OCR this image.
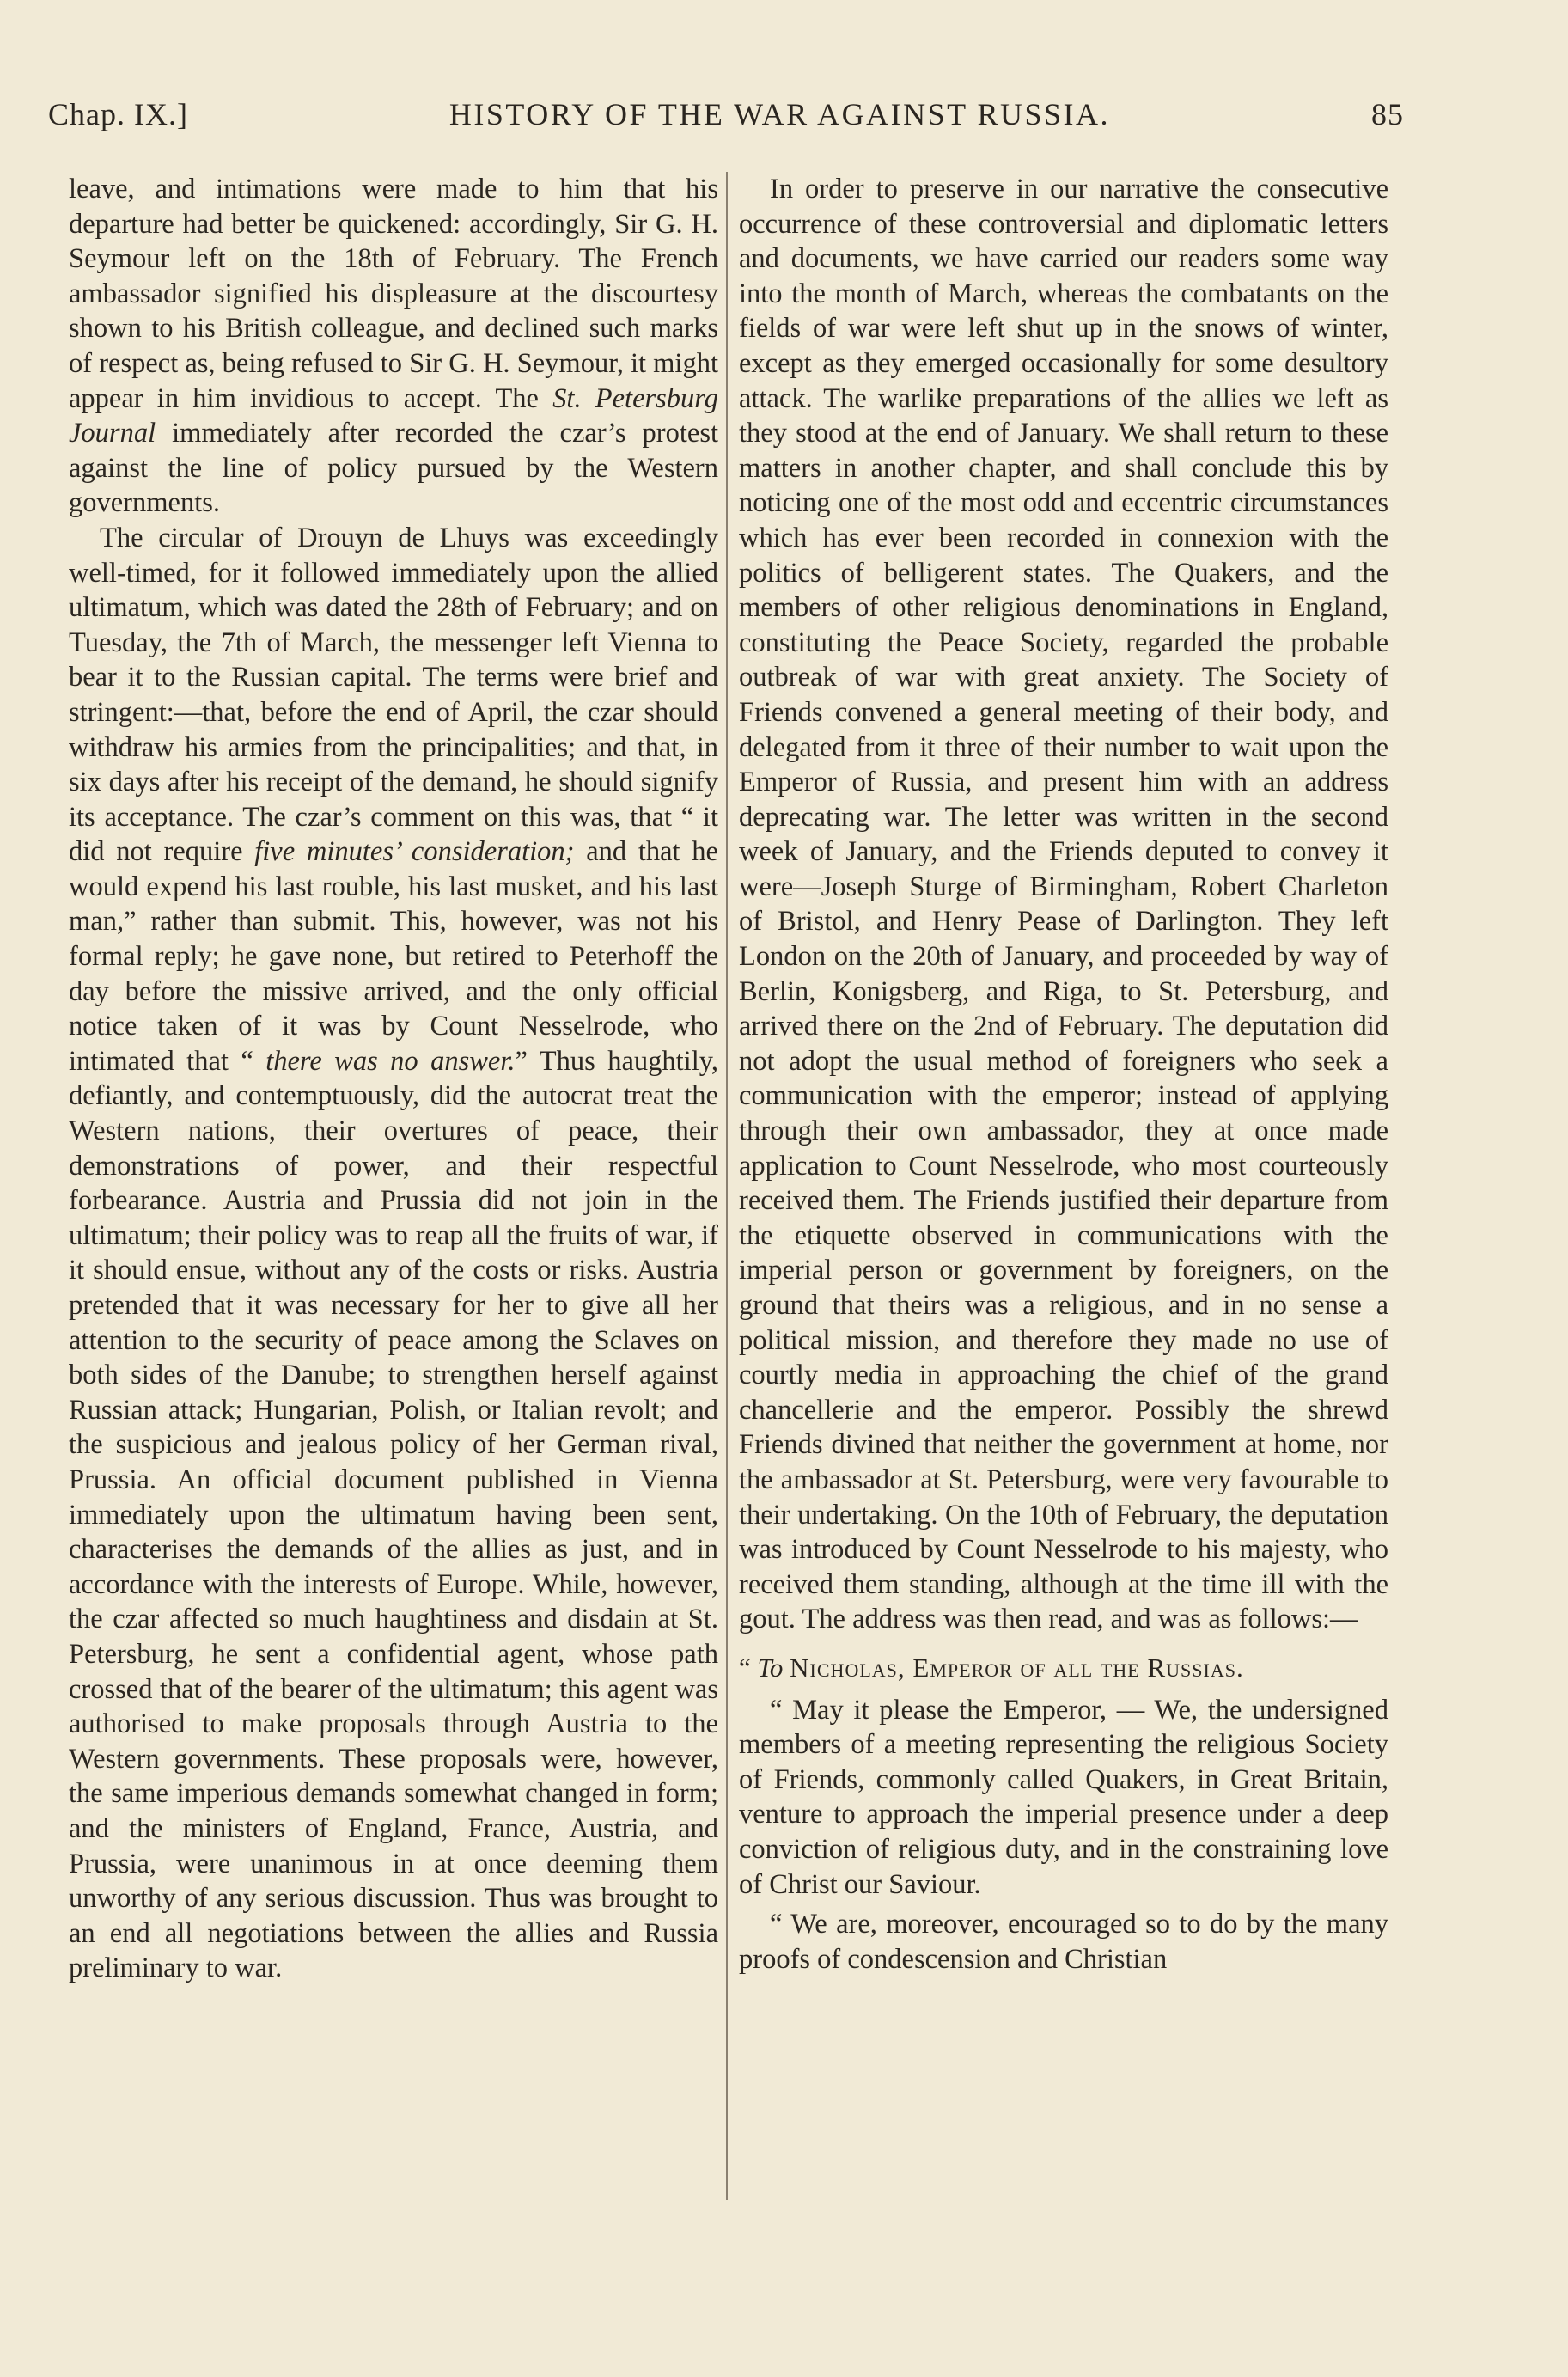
Chap. IX.]	HISTORY OF THE WAR AGAINST RUSSIA.	85

leave, and intimations were made to him that his departure had better be quickened: accordingly, Sir G. H. Seymour left on the 18th of February. The French ambassador signified his displeasure at the discourtesy shown to his British colleague, and declined such marks of respect as, being refused to Sir G. H. Seymour, it might appear in him invidious to accept. The St. Petersburg Journal immediately after recorded the czar’s protest against the line of policy pursued by the Western governments.

The circular of Drouyn de Lhuys was exceedingly well-timed, for it followed immediately upon the allied ultimatum, which was dated the 28th of February; and on Tuesday, the 7th of March, the messenger left Vienna to bear it to the Russian capital. The terms were brief and stringent:—that, before the end of April, the czar should withdraw his armies from the principalities; and that, in six days after his receipt of the demand, he should signify its acceptance. The czar’s comment on this was, that “ it did not require five minutes’ consideration; and that he would expend his last rouble, his last musket, and his last man,” rather than submit. This, however, was not his formal reply; he gave none, but retired to Peterhoff the day before the missive arrived, and the only official notice taken of it was by Count Nesselrode, who intimated that “ there was no answer.” Thus haughtily, defiantly, and contemptuously, did the autocrat treat the Western nations, their overtures of peace, their demonstrations of power, and their respectful forbearance. Austria and Prussia did not join in the ultimatum; their policy was to reap all the fruits of war, if it should ensue, without any of the costs or risks. Austria pretended that it was necessary for her to give all her attention to the security of peace among the Sclaves on both sides of the Danube; to strengthen herself against Russian attack; Hungarian, Polish, or Italian revolt; and the suspicious and jealous policy of her German rival, Prussia. An official document published in Vienna immediately upon the ultimatum having been sent, characterises the demands of the allies as just, and in accordance with the interests of Europe. While, however, the czar affected so much haughtiness and disdain at St. Petersburg, he sent a confidential agent, whose path crossed that of the bearer of the ultimatum; this agent was authorised to make proposals through Austria to the Western governments. These proposals were, however, the same imperious demands somewhat changed in form; and the ministers of England, France, Austria, and Prussia, were unanimous in at once deeming them unworthy of any serious discussion. Thus was brought to an end all negotiations between the allies and Russia preliminary to war.

In order to preserve in our narrative the consecutive occurrence of these controversial and diplomatic letters and documents, we have carried our readers some way into the month of March, whereas the combatants on the fields of war were left shut up in the snows of winter, except as they emerged occasionally for some desultory attack. The warlike preparations of the allies we left as they stood at the end of January. We shall return to these matters in another chapter, and shall conclude this by noticing one of the most odd and eccentric circumstances which has ever been recorded in connexion with the politics of belligerent states. The Quakers, and the members of other religious denominations in England, constituting the Peace Society, regarded the probable outbreak of war with great anxiety. The Society of Friends convened a general meeting of their body, and delegated from it three of their number to wait upon the Emperor of Russia, and present him with an address deprecating war. The letter was written in the second week of January, and the Friends deputed to convey it were—Joseph Sturge of Birmingham, Robert Charleton of Bristol, and Henry Pease of Darlington. They left London on the 20th of January, and proceeded by way of Berlin, Konigsberg, and Riga, to St. Petersburg, and arrived there on the 2nd of February. The deputation did not adopt the usual method of foreigners who seek a communication with the emperor; instead of applying through their own ambassador, they at once made application to Count Nesselrode, who most courteously received them. The Friends justified their departure from the etiquette observed in communications with the imperial person or government by foreigners, on the ground that theirs was a religious, and in no sense a political mission, and therefore they made no use of courtly media in approaching the chief of the grand chancellerie and the emperor. Possibly the shrewd Friends divined that neither the government at home, nor the ambassador at St. Petersburg, were very favourable to their undertaking. On the 10th of February, the deputation was introduced by Count Nesselrode to his majesty, who received them standing, although at the time ill with the gout. The address was then read, and was as follows:—

“ To Nicholas, Emperor of all the Russias.

“ May it please the Emperor, — We, the undersigned members of a meeting representing the religious Society of Friends, commonly called Quakers, in Great Britain, venture to approach the imperial presence under a deep conviction of religious duty, and in the constraining love of Christ our Saviour.

“ We are, moreover, encouraged so to do by the many proofs of condescension and Christian
